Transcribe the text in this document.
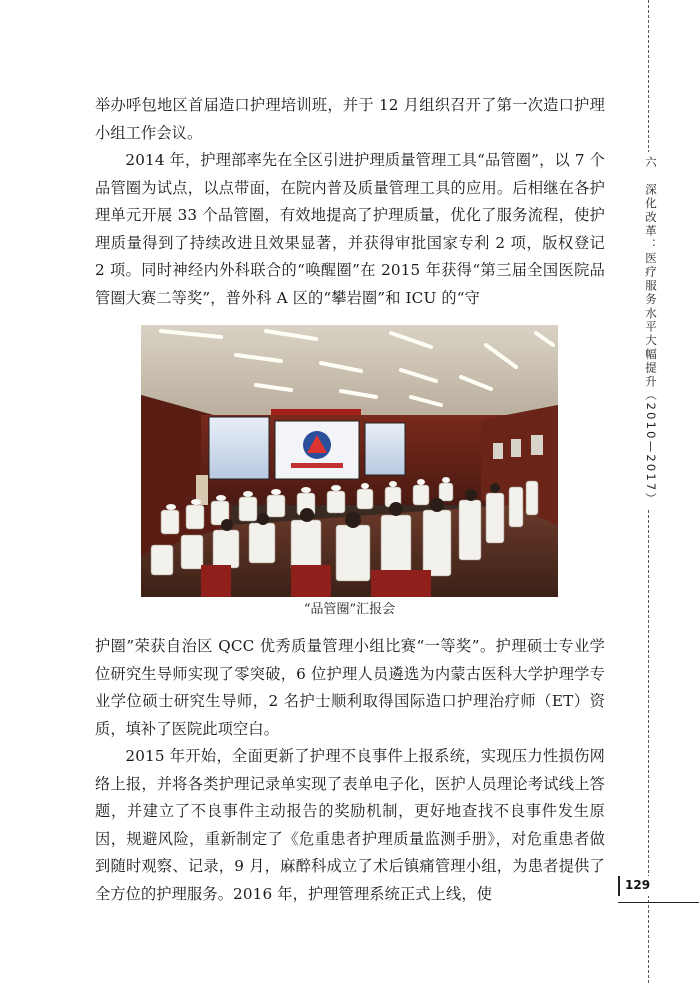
举办呼包地区首届造口护理培训班，并于 12 月组织召开了第一次造口护理小组工作会议。

2014 年，护理部率先在全区引进护理质量管理工具“品管圈”，以 7 个品管圈为试点，以点带面，在院内普及质量管理工具的应用。后相继在各护理单元开展 33 个品管圈，有效地提高了护理质量，优化了服务流程，使护理质量得到了持续改进且效果显著，并获得审批国家专利 2 项，版权登记 2 项。同时神经内外科联合的“唤醒圈”在 2015 年获得“第三届全国医院品管圈大赛二等奖”，普外科 A 区的“攀岩圈”和 ICU 的“守

“品管圈”汇报会

护圈”荣获自治区 QCC 优秀质量管理小组比赛“一等奖”。护理硕士专业学位研究生导师实现了零突破，6 位护理人员遴选为内蒙古医科大学护理学专业学位硕士研究生导师，2 名护士顺利取得国际造口护理治疗师（ET）资质，填补了医院此项空白。

2015 年开始，全面更新了护理不良事件上报系统，实现压力性损伤网络上报，并将各类护理记录单实现了表单电子化，医护人员理论考试线上答题，并建立了不良事件主动报告的奖励机制，更好地查找不良事件发生原因，规避风险，重新制定了《危重患者护理质量监测手册》，对危重患者做到随时观察、记录，9 月，麻醉科成立了术后镇痛管理小组，为患者提供了全方位的护理服务。2016 年，护理管理系统正式上线，使

六　深化改革：医疗服务水平大幅提升（2010—2017）
129
